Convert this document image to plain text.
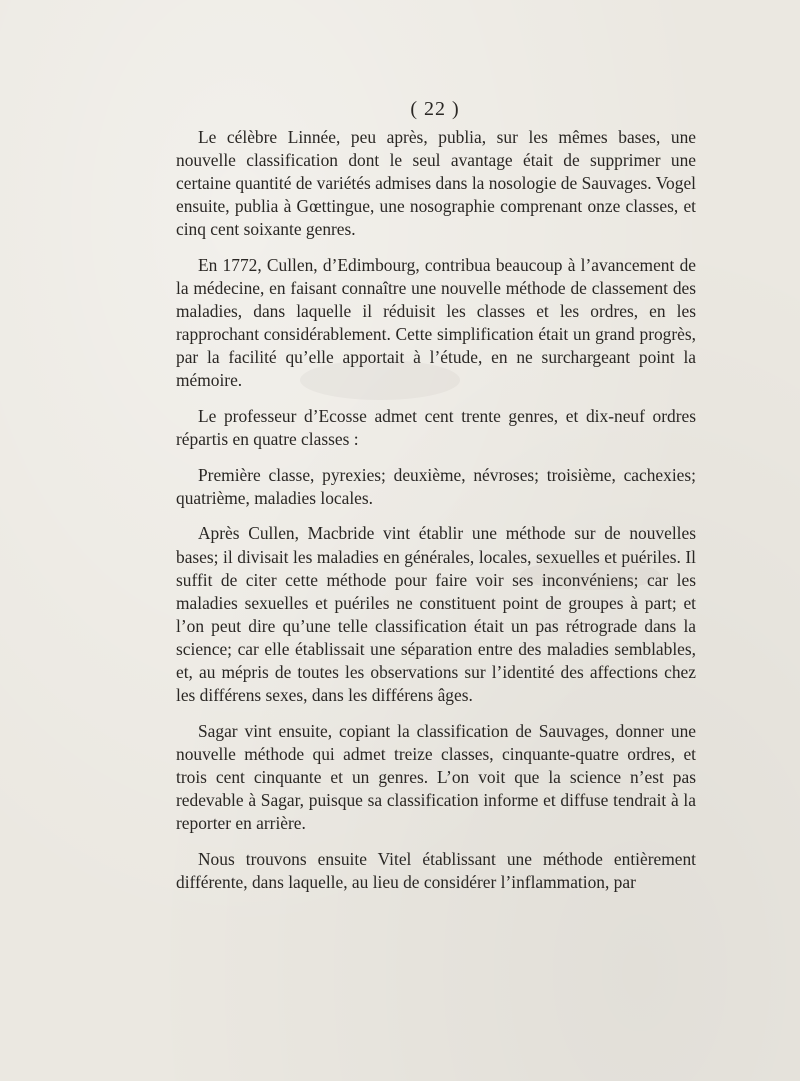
( 22 )

Le célèbre Linnée, peu après, publia, sur les mêmes bases, une nouvelle classification dont le seul avantage était de supprimer une certaine quantité de variétés admises dans la nosologie de Sauvages. Vogel ensuite, publia à Gœttingue, une nosographie comprenant onze classes, et cinq cent soixante genres.

En 1772, Cullen, d’Edimbourg, contribua beaucoup à l’avancement de la médecine, en faisant connaître une nouvelle méthode de classement des maladies, dans laquelle il réduisit les classes et les ordres, en les rapprochant considérablement. Cette simplification était un grand progrès, par la facilité qu’elle apportait à l’étude, en ne surchargeant point la mémoire.

Le professeur d’Ecosse admet cent trente genres, et dix-neuf ordres répartis en quatre classes :

Première classe, pyrexies; deuxième, névroses; troisième, cachexies; quatrième, maladies locales.

Après Cullen, Macbride vint établir une méthode sur de nouvelles bases; il divisait les maladies en générales, locales, sexuelles et puériles. Il suffit de citer cette méthode pour faire voir ses inconvéniens; car les maladies sexuelles et puériles ne constituent point de groupes à part; et l’on peut dire qu’une telle classification était un pas rétrograde dans la science; car elle établissait une séparation entre des maladies semblables, et, au mépris de toutes les observations sur l’identité des affections chez les différens sexes, dans les différens âges.

Sagar vint ensuite, copiant la classification de Sauvages, donner une nouvelle méthode qui admet treize classes, cinquante-quatre ordres, et trois cent cinquante et un genres. L’on voit que la science n’est pas redevable à Sagar, puisque sa classification informe et diffuse tendrait à la reporter en arrière.

Nous trouvons ensuite Vitel établissant une méthode entièrement différente, dans laquelle, au lieu de considérer l’inflammation, par
